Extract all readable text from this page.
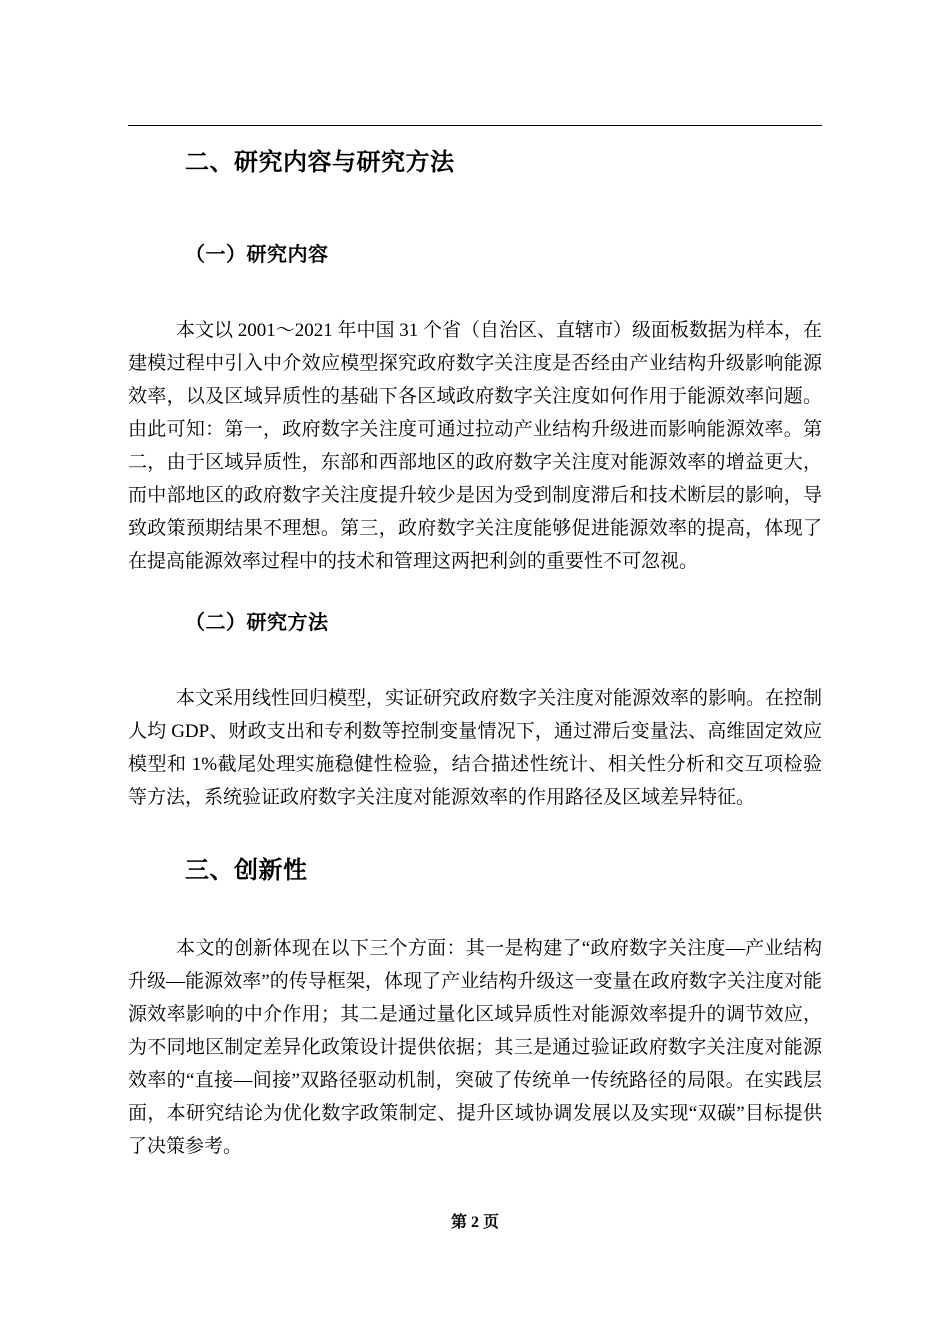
二、研究内容与研究方法
（一）研究内容

本文以 2001～2021 年中国 31 个省（自治区、直辖市）级面板数据为样本，在建模过程中引入中介效应模型探究政府数字关注度是否经由产业结构升级影响能源效率，以及区域异质性的基础下各区域政府数字关注度如何作用于能源效率问题。由此可知：第一，政府数字关注度可通过拉动产业结构升级进而影响能源效率。第二，由于区域异质性，东部和西部地区的政府数字关注度对能源效率的增益更大，而中部地区的政府数字关注度提升较少是因为受到制度滞后和技术断层的影响，导致政策预期结果不理想。第三，政府数字关注度能够促进能源效率的提高，体现了在提高能源效率过程中的技术和管理这两把利剑的重要性不可忽视。

（二）研究方法

本文采用线性回归模型，实证研究政府数字关注度对能源效率的影响。在控制人均 GDP、财政支出和专利数等控制变量情况下，通过滞后变量法、高维固定效应模型和 1%截尾处理实施稳健性检验，结合描述性统计、相关性分析和交互项检验等方法，系统验证政府数字关注度对能源效率的作用路径及区域差异特征。

三、创新性

本文的创新体现在以下三个方面：其一是构建了“政府数字关注度—产业结构升级—能源效率”的传导框架，体现了产业结构升级这一变量在政府数字关注度对能源效率影响的中介作用；其二是通过量化区域异质性对能源效率提升的调节效应，为不同地区制定差异化政策设计提供依据；其三是通过验证政府数字关注度对能源效率的“直接—间接”双路径驱动机制，突破了传统单一传统路径的局限。在实践层面，本研究结论为优化数字政策制定、提升区域协调发展以及实现“双碳”目标提供了决策参考。

第 2 页
